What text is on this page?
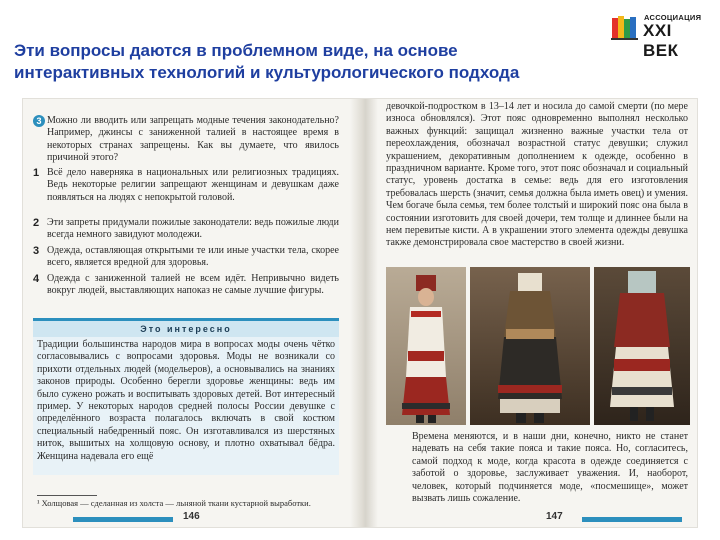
АССОЦИАЦИЯ
XXI ВЕК
Эти вопросы даются в проблемном виде, на основе
интерактивных технологий и культурологического подхода
3 Можно ли вводить или запрещать модные течения законодательно? Например, джинсы с заниженной талией в настоящее время в некоторых странах запрещены. Как вы думаете, что явилось причиной этого?
1 Всё дело наверняка в национальных или религиозных традициях. Ведь некоторые религии запрещают женщинам и девушкам даже появляться на людях с непокрытой головой.
2 Эти запреты придумали пожилые законодатели: ведь пожилые люди всегда немного завидуют молодежи.
3 Одежда, оставляющая открытыми те или иные участки тела, скорее всего, является вредной для здоровья.
4 Одежда с заниженной талией не всем идёт. Непривычно видеть вокруг людей, выставляющих напоказ не самые лучшие фигуры.
Это интересно
Традиции большинства народов мира в вопросах моды очень чётко согласовывались с вопросами здоровья. Моды не возникали со прихоти отдельных людей (модельеров), а основывались на знаниях законов природы. Особенно берегли здоровье женщины: ведь им было сужено рожать и воспитывать здоровых детей. Вот интересный пример. У некоторых народов средней полосы России девушке с определённого возраста полагалось включать в свой костюм специальный набедренный пояс. Он изготавливался из шерстяных ниток, вышитых на холщовую основу, и плотно охватывал бёдра. Женщина надевала его ещё
¹ Холщовая — сделанная из холста — льняной ткани кустарной выработки.
146
девочкой-подростком в 13–14 лет и носила до самой смерти (по мере износа обновлялся). Этот пояс одновременно выполнял несколько важных функций: защищал жизненно важные участки тела от переохлаждения, обозначал возрастной статус девушки; служил украшением, декоративным дополнением к одежде, особенно в праздничном варианте. Кроме того, этот пояс обозначал и социальный статус, уровень достатка в семье: ведь для его изготовления требовалась шерсть (значит, семья должна была иметь овец) и умения. Чем богаче была семья, тем более толстый и широкий пояс она была в состоянии изготовить для своей дочери, тем толще и длиннее были на нем перевитые кисти. А в украшении этого элемента одежды девушка также демонстрировала свое мастерство в своей жизни.
Времена меняются, и в наши дни, конечно, никто не станет надевать на себя такие пояса и такие пояса. Но, согласитесь, самой подход к моде, когда красота в одежде соединяется с заботой о здоровье, заслуживает уважения. И, наоборот, человек, который подчиняется моде, «посмешище», может вызвать лишь сожаление.
147
